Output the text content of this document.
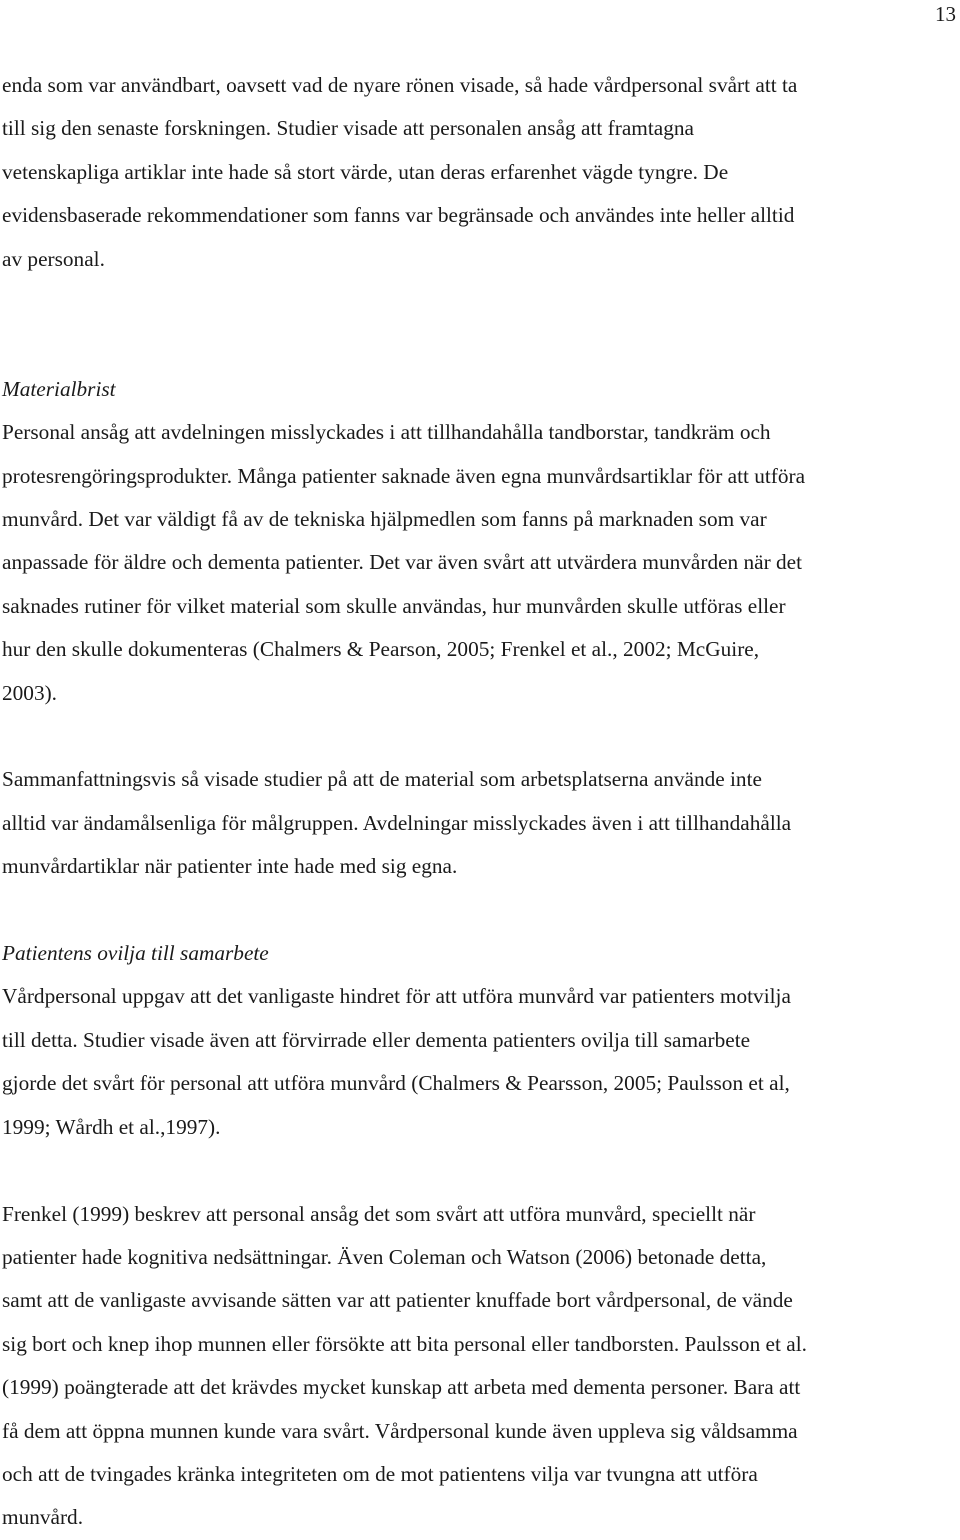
13
enda som var användbart, oavsett vad de nyare rönen visade, så hade vårdpersonal svårt att ta
till sig den senaste forskningen. Studier visade att personalen ansåg att framtagna
vetenskapliga artiklar inte hade så stort värde, utan deras erfarenhet vägde tyngre. De
evidensbaserade rekommendationer som fanns var begränsade och användes inte heller alltid
av personal.
Materialbrist
Personal ansåg att avdelningen misslyckades i att tillhandahålla tandborstar, tandkräm och
protesrengöringsprodukter. Många patienter saknade även egna munvårdsartiklar för att utföra
munvård. Det var väldigt få av de tekniska hjälpmedlen som fanns på marknaden som var
anpassade för äldre och dementa patienter. Det var även svårt att utvärdera munvården när det
saknades rutiner för vilket material som skulle användas, hur munvården skulle utföras eller
hur den skulle dokumenteras (Chalmers & Pearson, 2005; Frenkel et al., 2002; McGuire,
2003).
Sammanfattningsvis så visade studier på att de material som arbetsplatserna använde inte
alltid var ändamålsenliga för målgruppen. Avdelningar misslyckades även i att tillhandahålla
munvårdartiklar när patienter inte hade med sig egna.
Patientens ovilja till samarbete
Vårdpersonal uppgav att det vanligaste hindret för att utföra munvård var patienters motvilja
till detta. Studier visade även att förvirrade eller dementa patienters ovilja till samarbete
gjorde det svårt för personal att utföra munvård (Chalmers & Pearsson, 2005; Paulsson et al,
1999; Wårdh et al.,1997).
Frenkel (1999) beskrev att personal ansåg det som svårt att utföra munvård, speciellt när
patienter hade kognitiva nedsättningar. Även Coleman och Watson (2006) betonade detta,
samt att de vanligaste avvisande sätten var att patienter knuffade bort vårdpersonal, de vände
sig bort och knep ihop munnen eller försökte att bita personal eller tandborsten. Paulsson et al.
(1999) poängterade att det krävdes mycket kunskap att arbeta med dementa personer. Bara att
få dem att öppna munnen kunde vara svårt. Vårdpersonal kunde även uppleva sig våldsamma
och att de tvingades kränka integriteten om de mot patientens vilja var tvungna att utföra
munvård.
